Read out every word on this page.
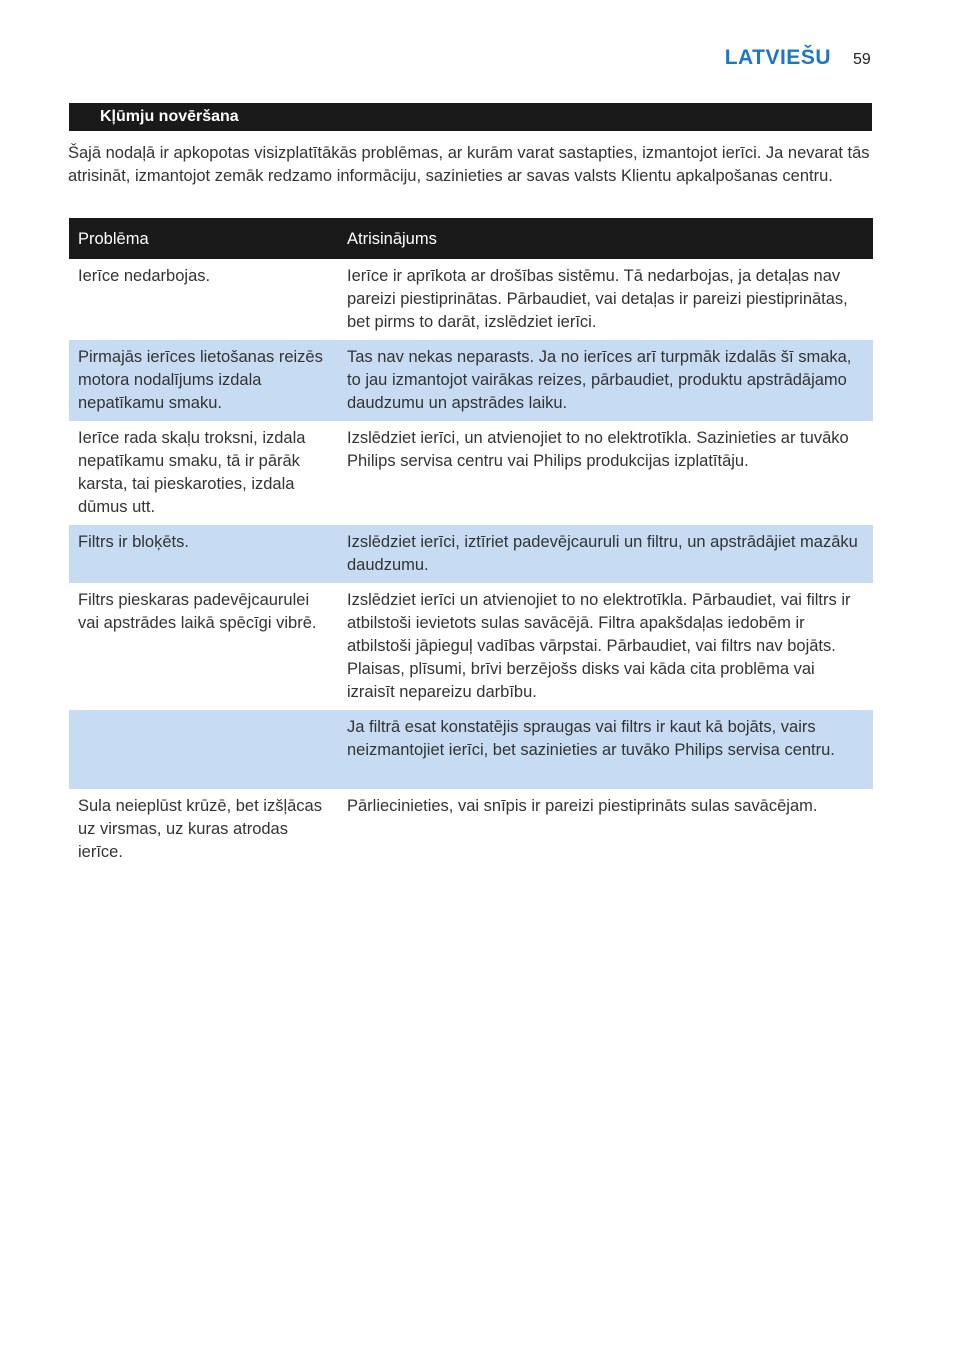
LATVIEŠU 59
Kļūmju novēršana
Šajā nodaļā ir apkopotas visizplatītākās problēmas, ar kurām varat sastapties, izmantojot ierīci. Ja nevarat tās atrisināt, izmantojot zemāk redzamo informāciju, sazinieties ar savas valsts Klientu apkalpošanas centru.
Problēma	Atrisinājums
Ierīce nedarbojas.	Ierīce ir aprīkota ar drošības sistēmu. Tā nedarbojas, ja detaļas nav pareizi piestiprinātas. Pārbaudiet, vai detaļas ir pareizi piestiprinātas, bet pirms to darāt, izslēdziet ierīci.
Pirmajās ierīces lietošanas reizēs motora nodalījums izdala nepatīkamu smaku.	Tas nav nekas neparasts. Ja no ierīces arī turpmāk izdalās šī smaka, to jau izmantojot vairākas reizes, pārbaudiet, produktu apstrādājamo daudzumu un apstrādes laiku.
Ierīce rada skaļu troksni, izdala nepatīkamu smaku, tā ir pārāk karsta, tai pieskaroties, izdala dūmus utt.	Izslēdziet ierīci, un atvienojiet to no elektrotīkla. Sazinieties ar tuvāko Philips servisa centru vai Philips produkcijas izplatītāju.
Filtrs ir bloķēts.	Izslēdziet ierīci, iztīriet padevējcauruli un filtru, un apstrādājiet mazāku daudzumu.
Filtrs pieskaras padevējcaurulei vai apstrādes laikā spēcīgi vibrē.	Izslēdziet ierīci un atvienojiet to no elektrotīkla. Pārbaudiet, vai filtrs ir atbilstoši ievietots sulas savācējā. Filtra apakšdaļas iedobēm ir atbilstoši jāpieguļ vadības vārpstai. Pārbaudiet, vai filtrs nav bojāts. Plaisas, plīsumi, brīvi berzējošs disks vai kāda cita problēma vai izraisīt nepareizu darbību.
	Ja filtrā esat konstatējis spraugas vai filtrs ir kaut kā bojāts, vairs neizmantojiet ierīci, bet sazinieties ar tuvāko Philips servisa centru.
Sula neieplūst krūzē, bet izšļācas uz virsmas, uz kuras atrodas ierīce.	Pārliecinieties, vai snīpis ir pareizi piestiprināts sulas savācējam.
